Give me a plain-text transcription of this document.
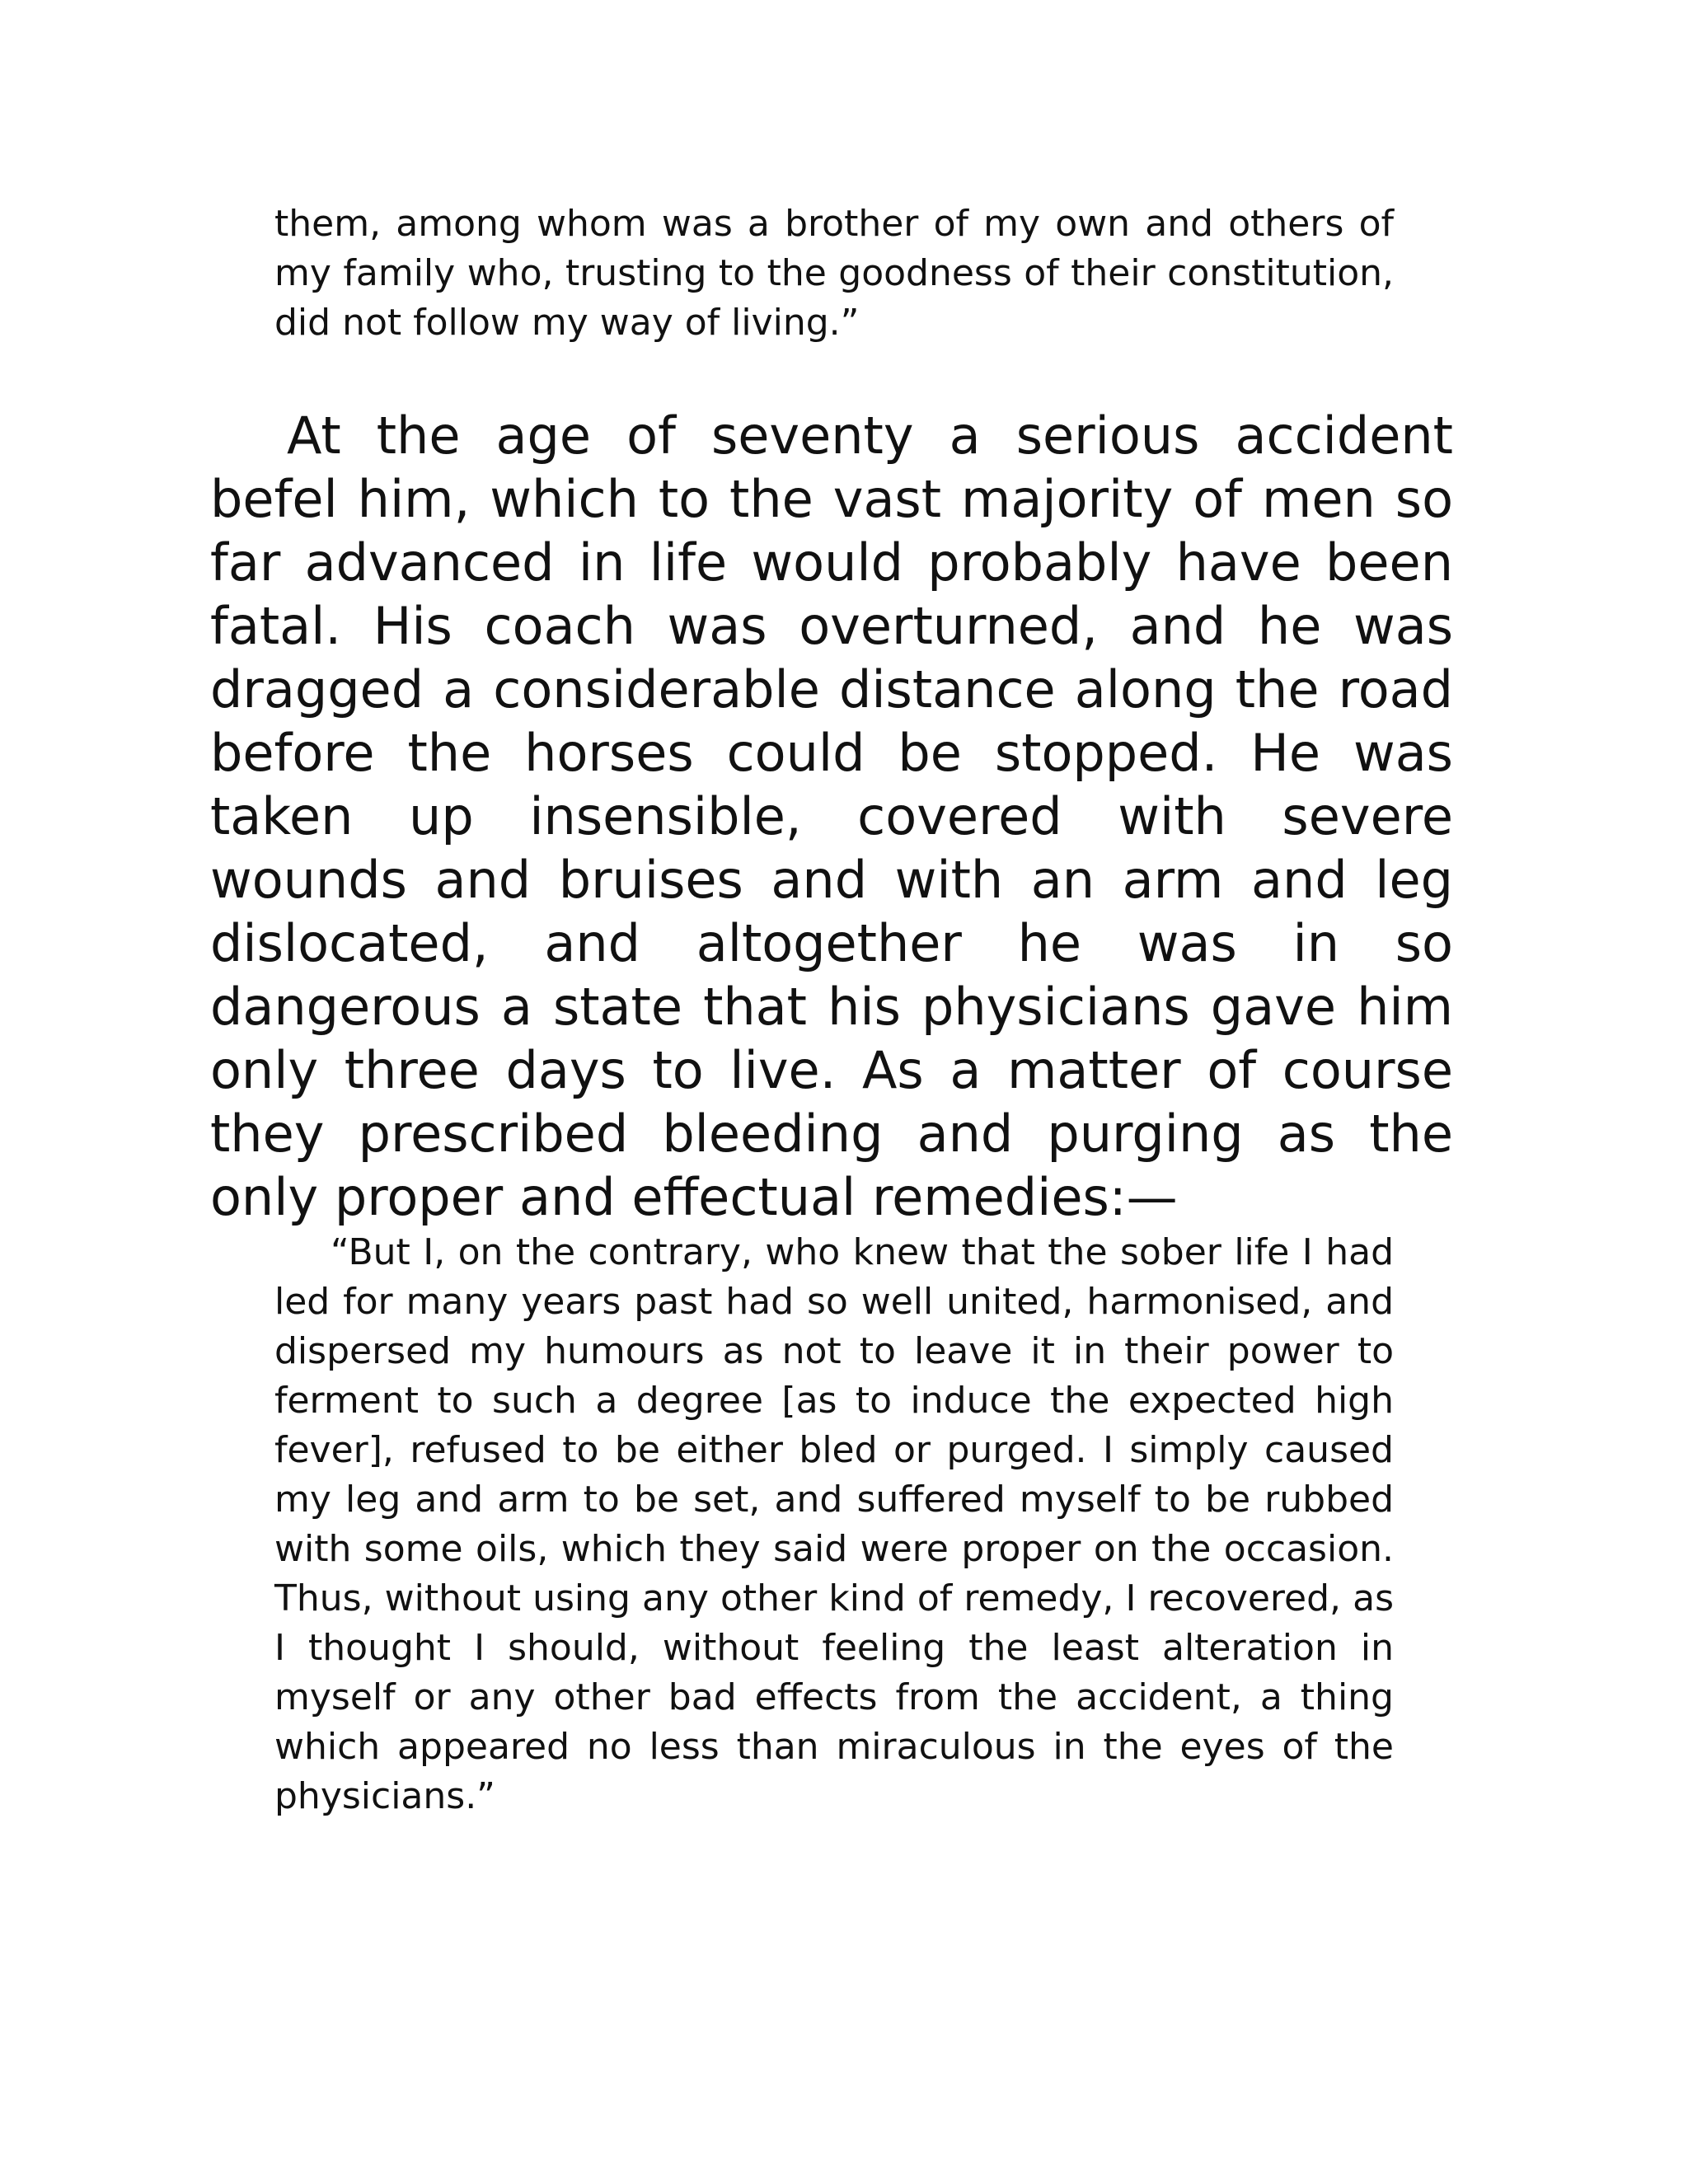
them, among whom was a brother of my own and others of my family who, trusting to the goodness of their constitution, did not follow my way of living.”

At the age of seventy a serious accident befel him, which to the vast majority of men so far advanced in life would probably have been fatal. His coach was overturned, and he was dragged a considerable distance along the road before the horses could be stopped. He was taken up insensible, covered with severe wounds and bruises and with an arm and leg dislocated, and altogether he was in so dangerous a state that his physicians gave him only three days to live. As a matter of course they prescribed bleeding and purging as the only proper and effectual remedies:—

“But I, on the contrary, who knew that the sober life I had led for many years past had so well united, harmonised, and dispersed my humours as not to leave it in their power to ferment to such a degree [as to induce the expected high fever], refused to be either bled or purged. I simply caused my leg and arm to be set, and suffered myself to be rubbed with some oils, which they said were proper on the occasion. Thus, without using any other kind of remedy, I recovered, as I thought I should, without feeling the least alteration in myself or any other bad effects from the accident, a thing which appeared no less than miraculous in the eyes of the physicians.”
